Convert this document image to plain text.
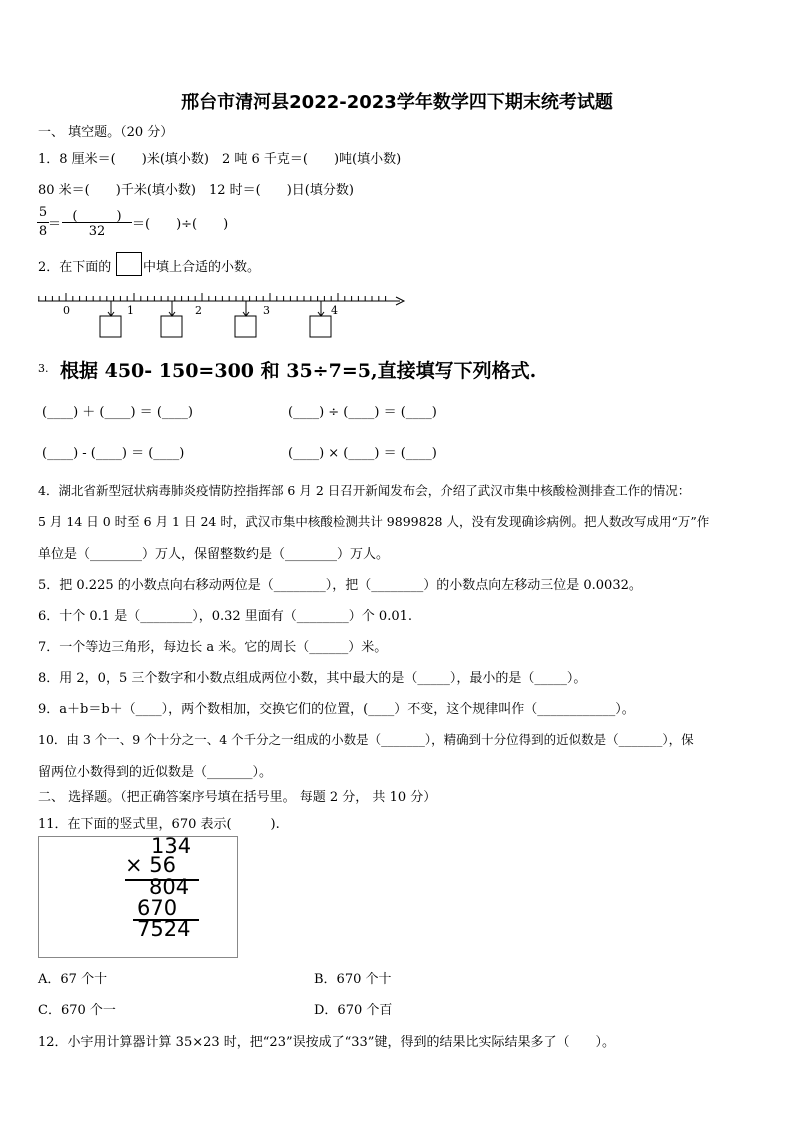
邢台市清河县2022-2023学年数学四下期末统考试题
一、 填空题。（20 分）
1．8 厘米＝(　　)米(填小数)　2 吨 6 千克＝(　　)吨(填小数)
80 米＝(　　)千米(填小数)　12 时＝(　　)日(填分数)
5
8 ＝
(　　　)
32	＝(　　)÷(　　)
2．在下面的 中填上合适的小数。
0	1	2	3	4
3. 根据 450- 150=300 和 35÷7=5,直接填写下列格式.
(____) ＋ (____) ＝ (____)	(____) ÷ (____) ＝ (____)
(____) - (____) ＝ (____)	(____) × (____) ＝ (____)
4．湖北省新型冠状病毒肺炎疫情防控指挥部 6 月 2 日召开新闻发布会，介绍了武汉市集中核酸检测排查工作的情况：
5 月 14 日 0 时至 6 月 1 日 24 时，武汉市集中核酸检测共计 9899828 人，没有发现确诊病例。把人数改写成用“万”作
单位是（________）万人，保留整数约是（________）万人。
5．把 0.225 的小数点向右移动两位是（________），把（________）的小数点向左移动三位是 0.0032。
6．十个 0.1 是（________），0.32 里面有（________）个 0.01.
7．一个等边三角形，每边长 a 米。它的周长（______）米。
8．用 2，0，5 三个数字和小数点组成两位小数，其中最大的是（_____），最小的是（_____）。
9．a＋b＝b＋（____），两个数相加，交换它们的位置，(____）不变，这个规律叫作（____________）。
10．由 3 个一、9 个十分之一、4 个千分之一组成的小数是（_______），精确到十分位得到的近似数是（_______），保
留两位小数得到的近似数是（_______）。
二、 选择题。（把正确答案序号填在括号里。 每题 2 分， 共 10 分）
11．在下面的竖式里，670 表示(　　　).
134
× 56
804
670
7524
A．67 个十	B．670 个十
C．670 个一	D．670 个百
12．小宇用计算器计算 35×23 时，把“23”误按成了“33”键，得到的结果比实际结果多了（　　）。
